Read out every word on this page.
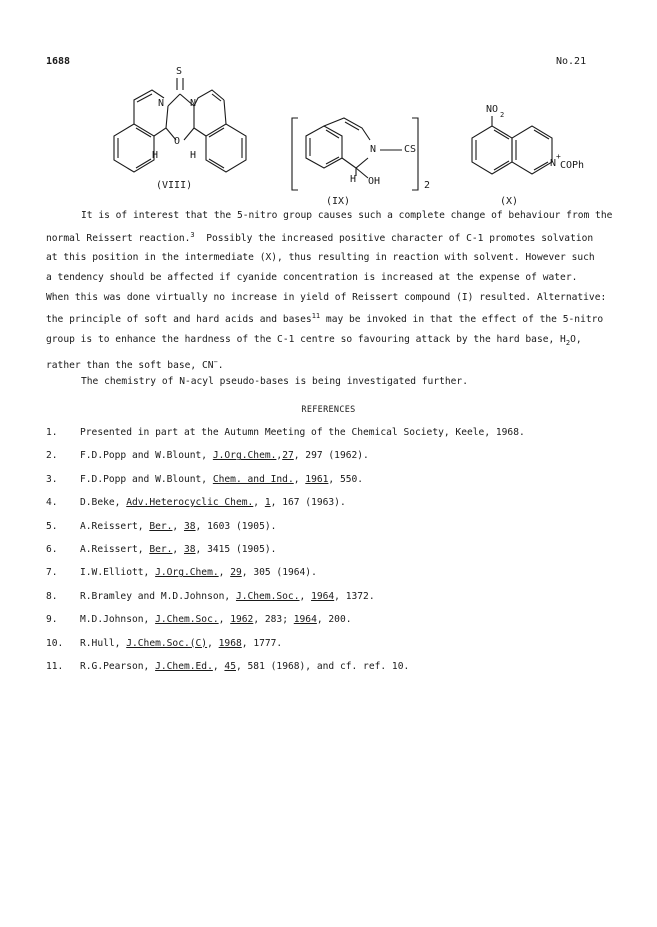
1688	No.21
S
N	N
O
H	H
(VIII)
N	CS
H OH	2
(IX)
NO 2
N
+
COPh
(X)
It is of interest that the 5-nitro group causes such a complete change of behaviour from the
normal Reissert reaction.$^3$ Possibly the increased positive character of C-1 promotes solvation
at this position in the intermediate (X), thus resulting in reaction with solvent. However such
a tendency should be affected if cyanide concentration is increased at the expense of water.
When this was done virtually no increase in yield of Reissert compound (I) resulted. Alternative:
the principle of soft and hard acids and bases$^{11}$ may be invoked in that the effect of the 5-nitro
group is to enhance the hardness of the C-1 centre so favouring attack by the hard base, $H_2O$,
rather than the soft base, CN−.
The chemistry of N-acyl pseudo-bases is being investigated further.
REFERENCES
1.	Presented in part at the Autumn Meeting of the Chemical Society, Keele, 1968.
2.	F.D.Popp and W.Blount, J.Org.Chem.,27, 297 (1962).
3.	F.D.Popp and W.Blount, Chem. and Ind., 1961, 550.
4.	D.Beke, Adv.Heterocyclic Chem., 1, 167 (1963).
5.	A.Reissert, Ber., 38, 1603 (1905).
6.	A.Reissert, Ber., 38, 3415 (1905).
7.	I.W.Elliott, J.Org.Chem., 29, 305 (1964).
8.	R.Bramley and M.D.Johnson, J.Chem.Soc., 1964, 1372.
9.	M.D.Johnson, J.Chem.Soc., 1962, 283; 1964, 200.
10.	R.Hull, J.Chem.Soc.(C), 1968, 1777.
11.	R.G.Pearson, J.Chem.Ed., 45, 581 (1968), and cf. ref. 10.
